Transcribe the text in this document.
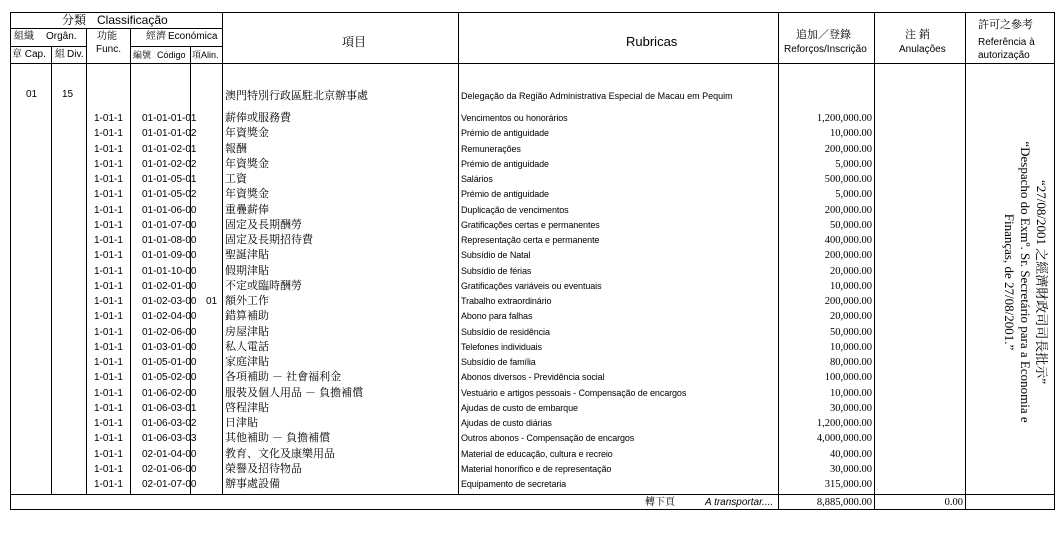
分類 Classificação
組織 Orgân. 功能
Func.
經濟 Económica
章 Cap. 組 Div.	編號 Código 項 Alin.
項目	Rubricas	追加／登錄
Reforços/Inscrição
注 銷
Anulações
許可之參考
Referência à
autorização
01 15	澳門特別行政區駐北京辦事處	Delegação da Região Administrativa Especial de Macau em Pequim
1-01-1 01-01-01-01	薪俸或服務費	Vencimentos ou honorários	1,200,000.00
1-01-1 01-01-01-02	年資獎金	Prémio de antiguidade	10,000.00
1-01-1 01-01-02-01	報酬	Remunerações	200,000.00
1-01-1 01-01-02-02	年資獎金	Prémio de antiguidade	5,000.00
1-01-1 01-01-05-01	工資	Salários	500,000.00
1-01-1 01-01-05-02	年資獎金	Prémio de antiguidade	5,000.00
1-01-1 01-01-06-00	重疊薪俸	Duplicação de vencimentos	200,000.00
1-01-1 01-01-07-00	固定及長期酬勞	Gratificações certas e permanentes	50,000.00
1-01-1 01-01-08-00	固定及長期招待費	Representação certa e permanente	400,000.00
1-01-1 01-01-09-00	聖誕津貼	Subsídio de Natal	200,000.00
1-01-1 01-01-10-00	假期津貼	Subsídio de férias	20,000.00
1-01-1 01-02-01-00	不定或臨時酬勞	Gratificações variáveis ou eventuais	10,000.00
1-01-1 01-02-03-00 01 額外工作	Trabalho extraordinário	200,000.00
1-01-1 01-02-04-00	錯算補助	Abono para falhas	20,000.00
1-01-1 01-02-06-00	房屋津貼	Subsídio de residência	50,000.00
1-01-1 01-03-01-00	私人電話	Telefones individuais	10,000.00
1-01-1 01-05-01-00	家庭津貼	Subsídio de família	80,000.00
1-01-1 01-05-02-00	各項補助 － 社會福利金	Abonos diversos - Previdência social	100,000.00
1-01-1 01-06-02-00	服裝及個人用品 － 負擔補償	Vestuário e artigos pessoais - Compensação de encargos	10,000.00
1-01-1 01-06-03-01	啓程津貼	Ajudas de custo de embarque	30,000.00
1-01-1 01-06-03-02	日津貼	Ajudas de custo diárias	1,200,000.00
1-01-1 01-06-03-03	其他補助 － 負擔補償	Outros abonos - Compensação de encargos	4,000,000.00
1-01-1 02-01-04-00	教育、文化及康樂用品	Material de educação, cultura e recreio	40,000.00
1-01-1 02-01-06-00	榮譽及招待物品	Material honorífico e de representação	30,000.00
1-01-1 02-01-07-00	辦事處設備	Equipamento de secretaria	315,000.00
轉下頁	A transportar....	8,885,000.00	0.00
“27/08/2001 之經濟財政司司長批示”
“Despacho do Exmº. Sr. Secretário para a Economia e
Finanças, de 27/08/2001.”
